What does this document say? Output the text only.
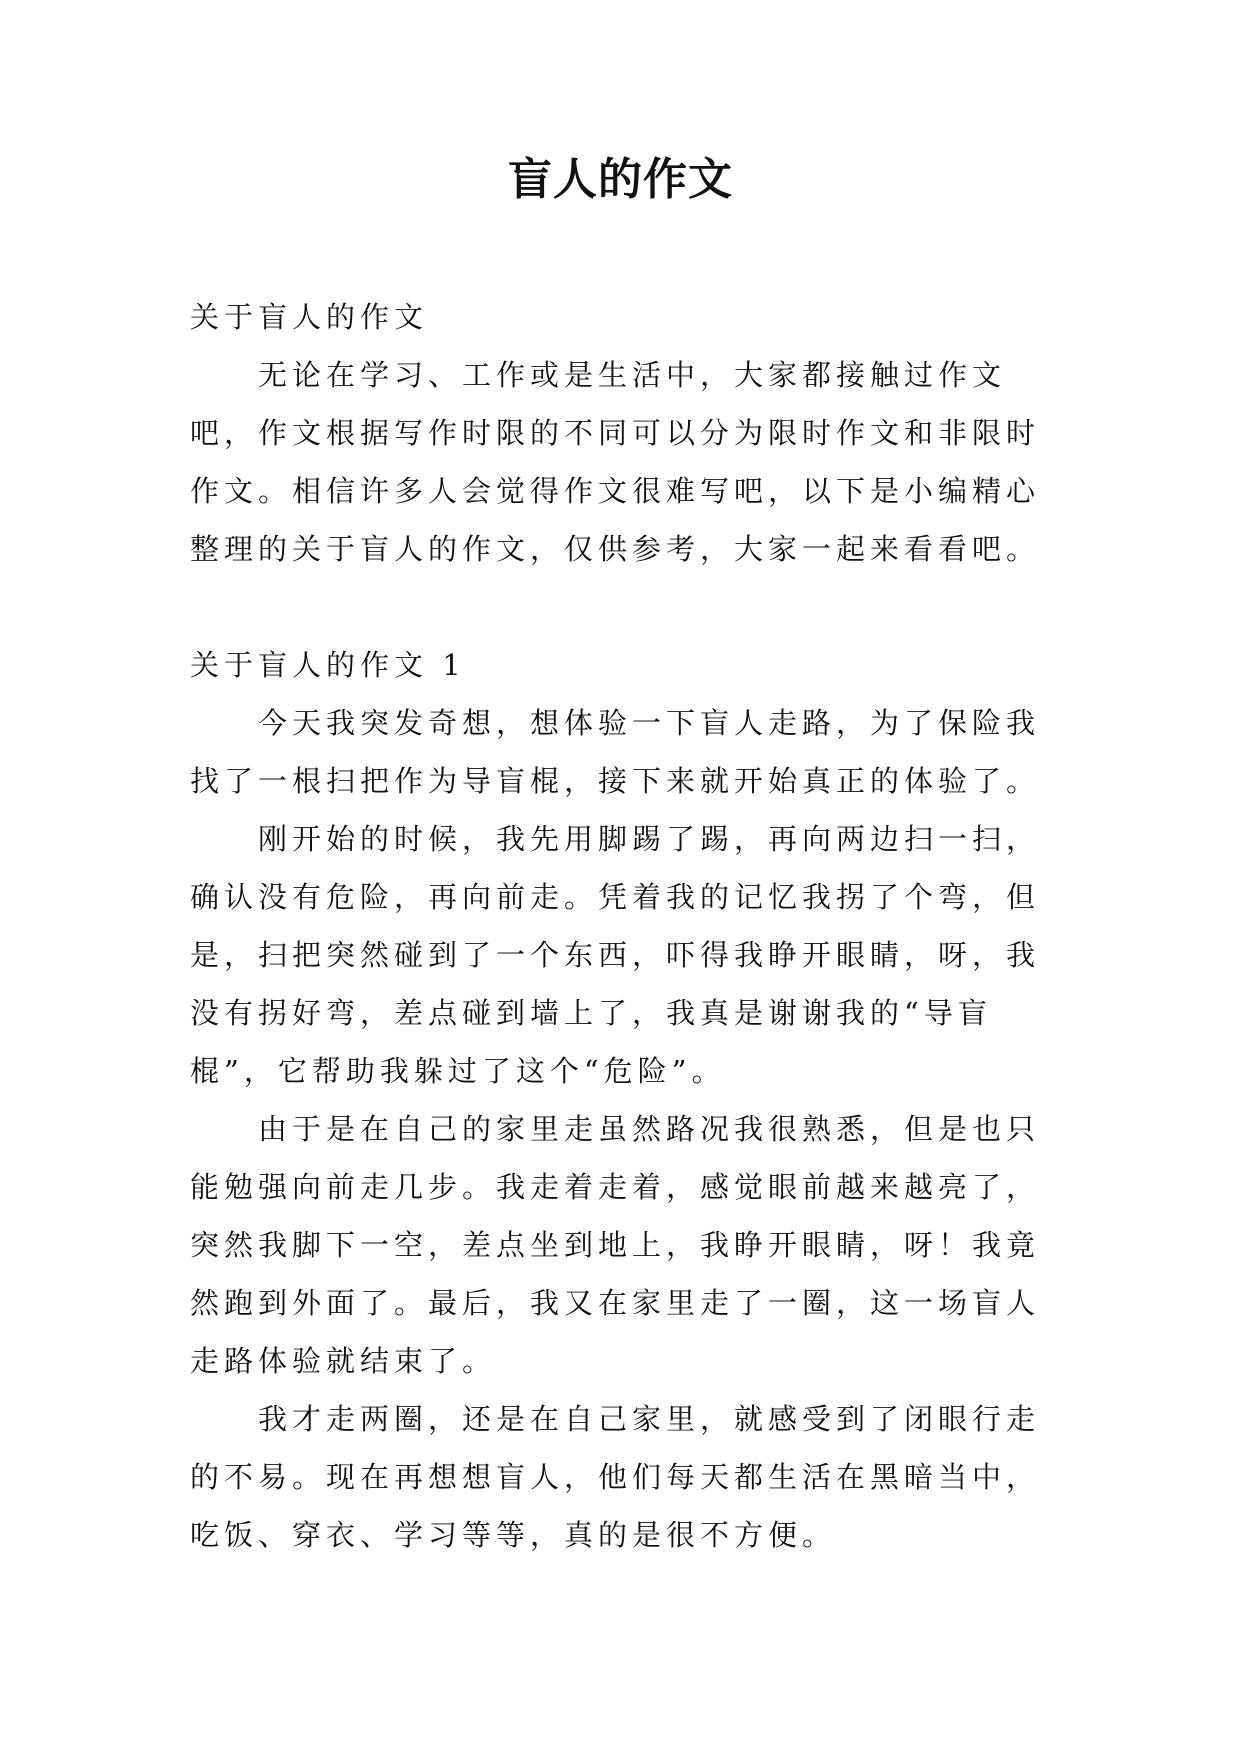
盲人的作文

关于盲人的作文

无论在学习、工作或是生活中，大家都接触过作文吧，作文根据写作时限的不同可以分为限时作文和非限时作文。相信许多人会觉得作文很难写吧，以下是小编精心整理的关于盲人的作文，仅供参考，大家一起来看看吧。

关于盲人的作文 1

今天我突发奇想，想体验一下盲人走路，为了保险我找了一根扫把作为导盲棍，接下来就开始真正的体验了。

刚开始的时候，我先用脚踢了踢，再向两边扫一扫，确认没有危险，再向前走。凭着我的记忆我拐了个弯，但是，扫把突然碰到了一个东西，吓得我睁开眼睛，呀，我没有拐好弯，差点碰到墙上了，我真是谢谢我的“导盲棍”，它帮助我躲过了这个“危险”。

由于是在自己的家里走虽然路况我很熟悉，但是也只能勉强向前走几步。我走着走着，感觉眼前越来越亮了，突然我脚下一空，差点坐到地上，我睁开眼睛，呀！我竟然跑到外面了。最后，我又在家里走了一圈，这一场盲人走路体验就结束了。

我才走两圈，还是在自己家里，就感受到了闭眼行走的不易。现在再想想盲人，他们每天都生活在黑暗当中，吃饭、穿衣、学习等等，真的是很不方便。
